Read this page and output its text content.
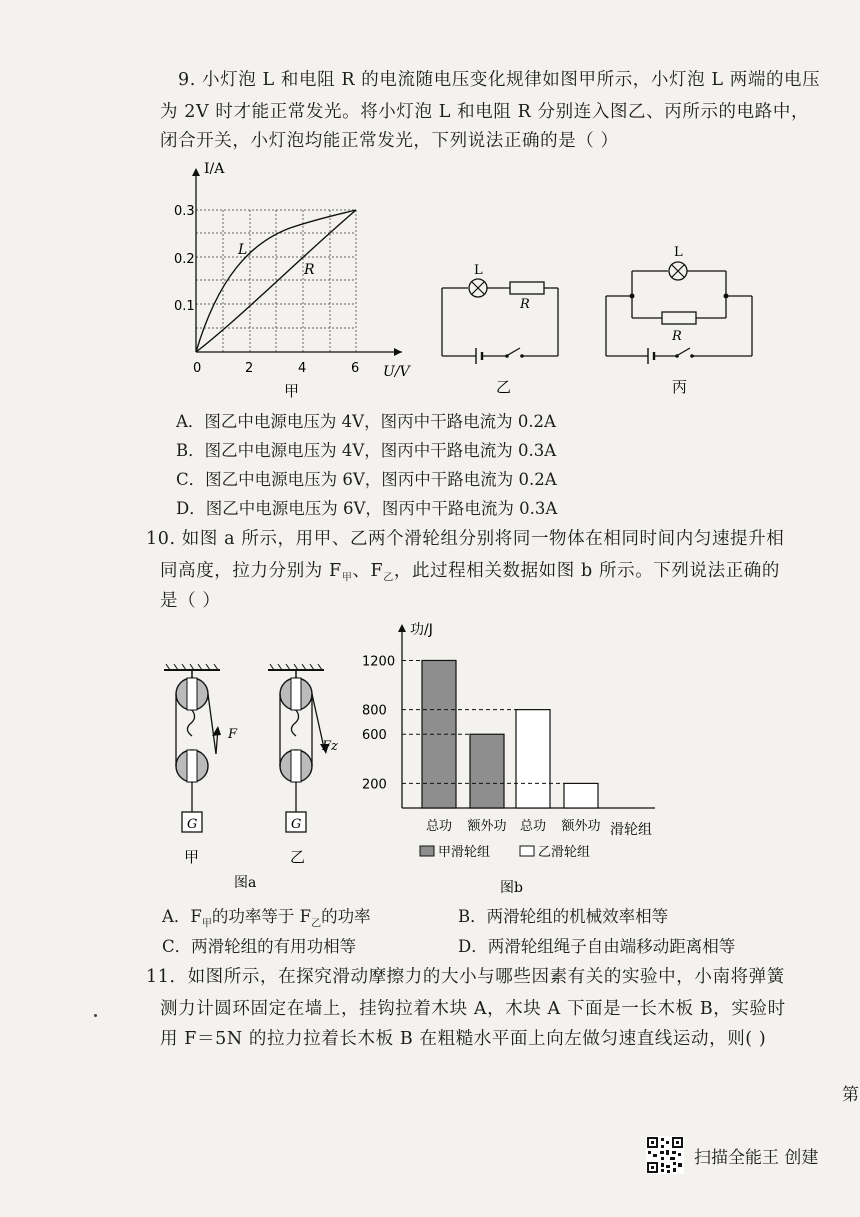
9. 小灯泡 L 和电阻 R 的电流随电压变化规律如图甲所示，小灯泡 L 两端的电压
为 2V 时才能正常发光。将小灯泡 L 和电阻 R 分别连入图乙、丙所示的电路中，
闭合开关，小灯泡均能正常发光，下列说法正确的是（ ）
I/A
U/V
0	2	4	6
0.1
0.2
0.3
L
R
甲
L
R
乙
L
R
丙
A．图乙中电源电压为 4V，图丙中干路电流为 0.2A
B．图乙中电源电压为 4V，图丙中干路电流为 0.3A
C．图乙中电源电压为 6V，图丙中干路电流为 0.2A
D．图乙中电源电压为 6V，图丙中干路电流为 0.3A
10. 如图 a 所示，用甲、乙两个滑轮组分别将同一物体在相同时间内匀速提升相
同高度，拉力分别为 $F_甲$、$F_乙$，此过程相关数据如图 b 所示。下列说法正确的
是（ ）
G
F
甲
G
Fz
乙
图a
功/J
滑轮组
200
600
800
1200
总功 额外功 总功 额外功
甲滑轮组	乙滑轮组
图b
A．$F_甲$的功率等于 $F_乙$的功率	B．两滑轮组的机械效率相等
C．两滑轮组的有用功相等	D．两滑轮组绳子自由端移动距离相等
11．如图所示，在探究滑动摩擦力的大小与哪些因素有关的实验中，小南将弹簧
测力计圆环固定在墙上，挂钩拉着木块 A，木块 A 下面是一长木板 B，实验时
用 F＝5N 的拉力拉着长木板 B 在粗糙水平面上向左做匀速直线运动，则( )
第
扫描全能王 创建
